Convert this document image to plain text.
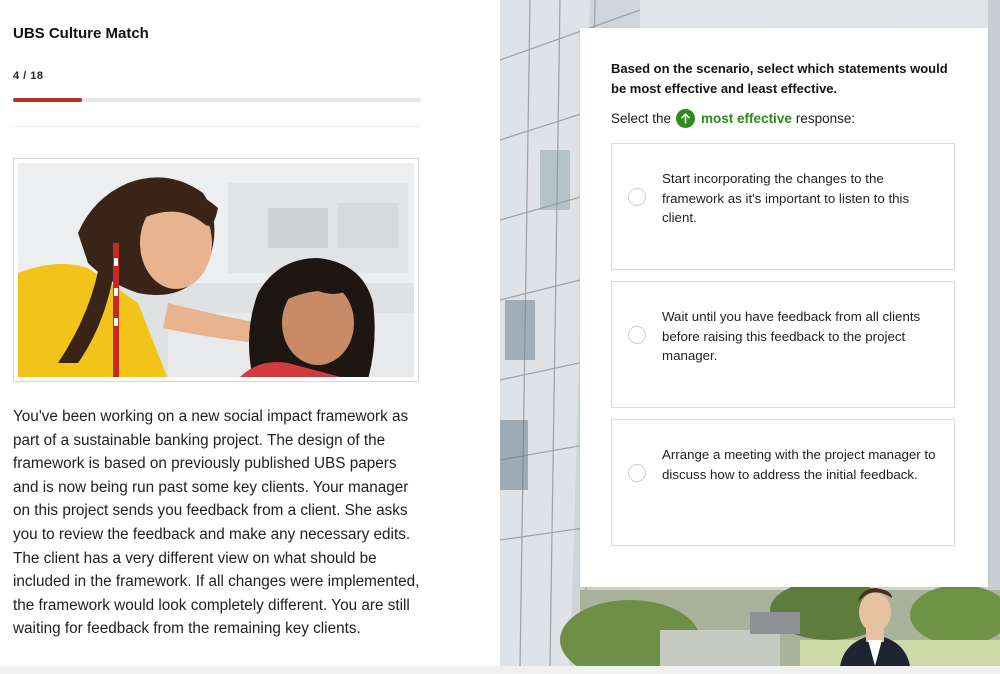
UBS Culture Match
4 / 18
You've been working on a new social impact framework as part of a sustainable banking project. The design of the framework is based on previously published UBS papers and is now being run past some key clients. Your manager on this project sends you feedback from a client. She asks you to review the feedback and make any necessary edits. The client has a very different view on what should be included in the framework. If all changes were implemented, the framework would look completely different. You are still waiting for feedback from the remaining key clients.
Based on the scenario, select which statements would be most effective and least effective.
Select the most effective response:
Start incorporating the changes to the framework as it's important to listen to this client.
Wait until you have feedback from all clients before raising this feedback to the project manager.
Arrange a meeting with the project manager to discuss how to address the initial feedback.
